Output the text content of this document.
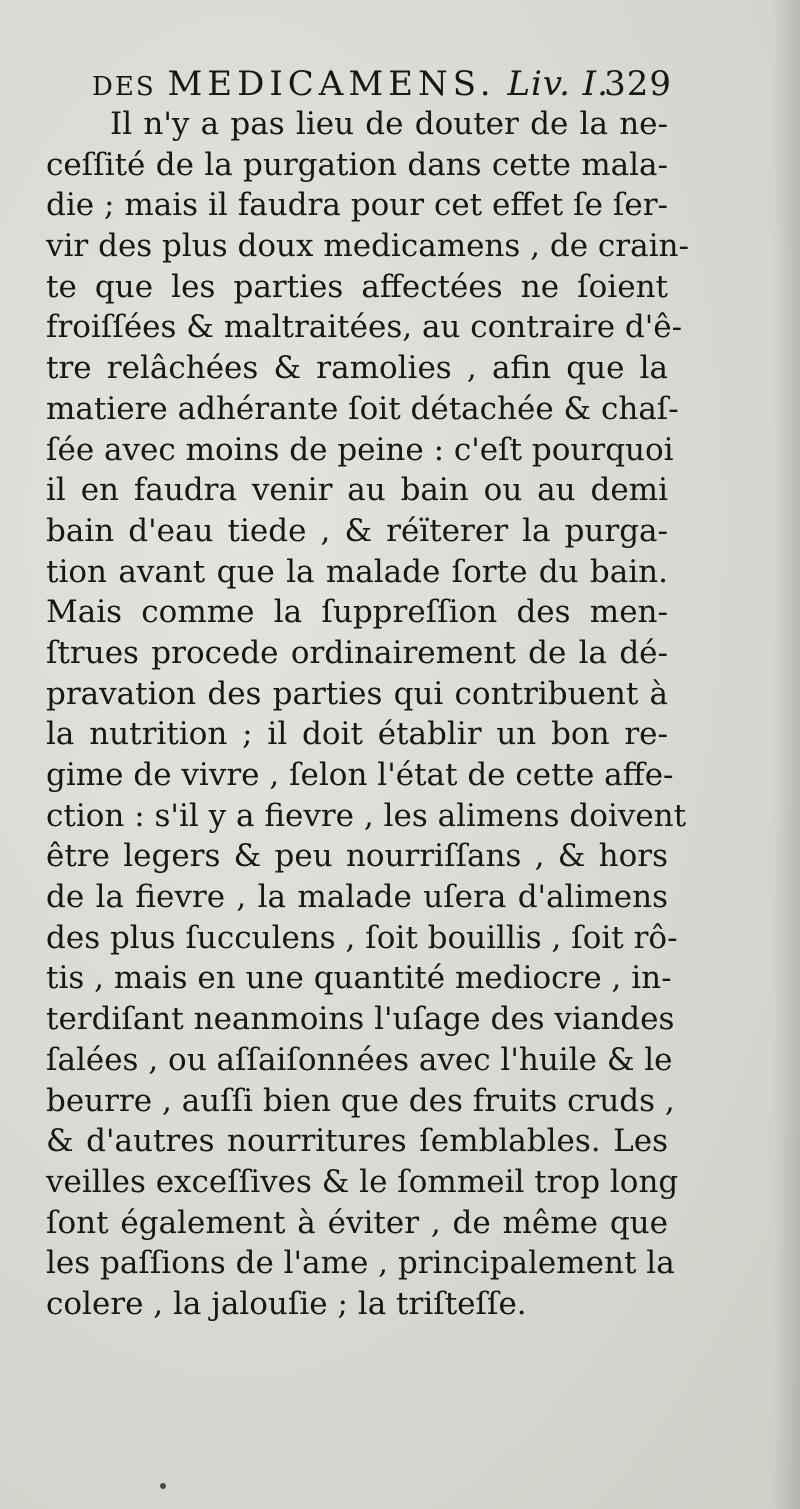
DES MEDICAMENS. Liv. I.
329
Il n'y a pas lieu de douter de la ne-
ceſſité de la purgation dans cette mala-
die ; mais il faudra pour cet effet ſe ſer-
vir des plus doux medicamens , de crain-
te que les parties affectées ne ſoient
froiſſées & maltraitées, au contraire d'ê-
tre relâchées & ramolies , afin que la
matiere adhérante ſoit détachée & chaſ-
ſée avec moins de peine : c'eſt pourquoi
il en faudra venir au bain ou au demi
bain d'eau tiede , & réïterer la purga-
tion avant que la malade ſorte du bain.
Mais comme la ſuppreſſion des men-
ſtrues procede ordinairement de la dé-
pravation des parties qui contribuent à
la nutrition ; il doit établir un bon re-
gime de vivre , ſelon l'état de cette affe-
ction : s'il y a fievre , les alimens doivent
être legers & peu nourriſſans , & hors
de la fievre , la malade uſera d'alimens
des plus ſucculens , ſoit bouillis , ſoit rô-
tis , mais en une quantité mediocre , in-
terdiſant neanmoins l'uſage des viandes
ſalées , ou aſſaiſonnées avec l'huile & le
beurre , auſſi bien que des fruits cruds ,
& d'autres nourritures ſemblables. Les
veilles exceſſives & le ſommeil trop long
ſont également à éviter , de même que
les paſſions de l'ame , principalement la
colere , la jalouſie ; la triſteſſe.
